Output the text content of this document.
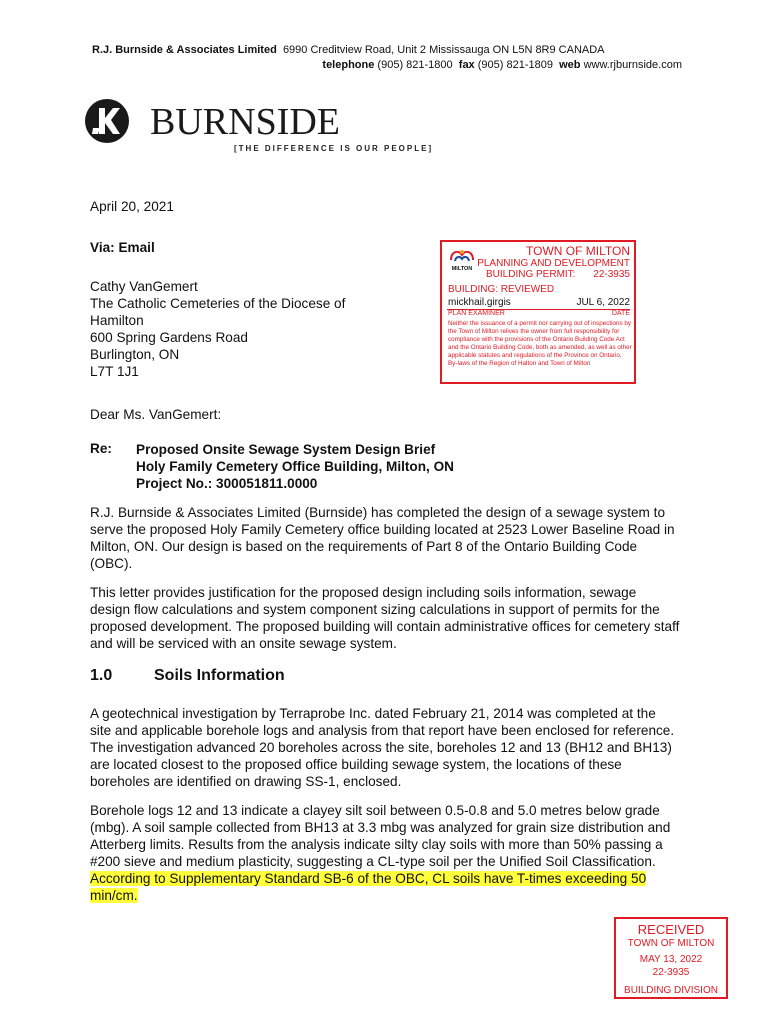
R.J. Burnside & Associates Limited 6990 Creditview Road, Unit 2 Mississauga ON L5N 8R9 CANADA
telephone (905) 821-1800 fax (905) 821-1809 web www.rjburnside.com
BURNSIDE
[THE DIFFERENCE IS OUR PEOPLE]
April 20, 2021
Via: Email
Cathy VanGemert
The Catholic Cemeteries of the Diocese of
Hamilton
600 Spring Gardens Road
Burlington, ON
L7T 1J1
MILTON
TOWN OF MILTON
PLANNING AND DEVELOPMENT
BUILDING PERMIT: 22-3935
BUILDING: REVIEWED
mickhail.girgis	JUL 6, 2022
PLAN EXAMINER	DATE
Neither the issuance of a permit nor carrying out of inspections by the Town of Milton relives the owner from full responsibility for compliance with the provisions of the Ontario Building Code Act and the Ontario Building Code, both as amended, as well as other applicable statutes and regulations of the Province on Ontario, By-laws of the Region of Halton and Town of Milton
Dear Ms. VanGemert:
Re: Proposed Onsite Sewage System Design Brief
Holy Family Cemetery Office Building, Milton, ON
Project No.: 300051811.0000
R.J. Burnside & Associates Limited (Burnside) has completed the design of a sewage system to serve the proposed Holy Family Cemetery office building located at 2523 Lower Baseline Road in Milton, ON. Our design is based on the requirements of Part 8 of the Ontario Building Code (OBC).
This letter provides justification for the proposed design including soils information, sewage design flow calculations and system component sizing calculations in support of permits for the proposed development. The proposed building will contain administrative offices for cemetery staff and will be serviced with an onsite sewage system.
1.0	Soils Information
A geotechnical investigation by Terraprobe Inc. dated February 21, 2014 was completed at the site and applicable borehole logs and analysis from that report have been enclosed for reference. The investigation advanced 20 boreholes across the site, boreholes 12 and 13 (BH12 and BH13) are located closest to the proposed office building sewage system, the locations of these boreholes are identified on drawing SS-1, enclosed.
Borehole logs 12 and 13 indicate a clayey silt soil between 0.5-0.8 and 5.0 metres below grade (mbg). A soil sample collected from BH13 at 3.3 mbg was analyzed for grain size distribution and Atterberg limits. Results from the analysis indicate silty clay soils with more than 50% passing a #200 sieve and medium plasticity, suggesting a CL-type soil per the Unified Soil Classification. According to Supplementary Standard SB-6 of the OBC, CL soils have T-times exceeding 50 min/cm.
RECEIVED
TOWN OF MILTON
MAY 13, 2022
22-3935
BUILDING DIVISION
